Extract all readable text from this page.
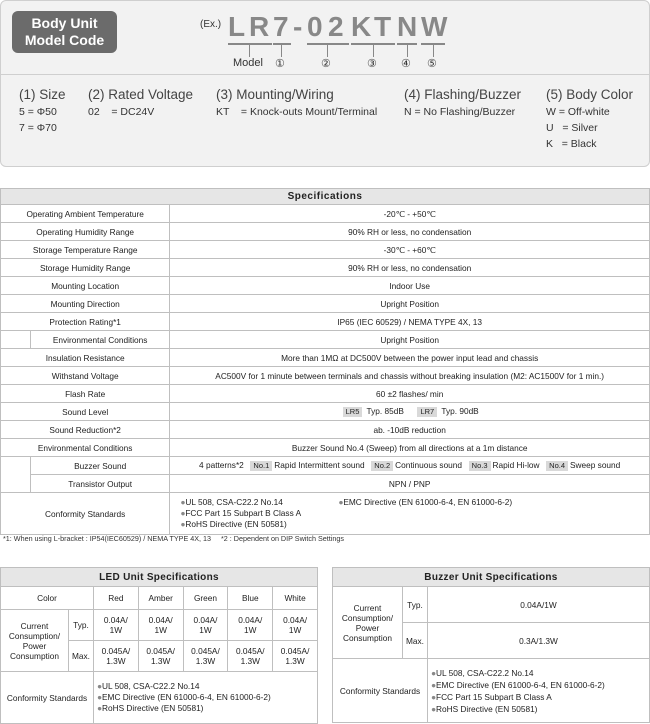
Body Unit
Model Code
(Ex.) L R 7 - 0 2 K T N W
Model ①	②	③ ④ ⑤
(1) Size
5 = Φ50
7 = Φ70
(2) Rated Voltage
02    = DC24V
(3) Mounting/Wiring
KT    = Knock-outs Mount/Terminal
(4) Flashing/Buzzer
N = No Flashing/Buzzer
(5) Body Color
W = Off-white
U   = Silver
K   = Black
Specifications		
Operating Ambient Temperature		-20℃ - +50℃
Operating Humidity Range		90% RH or less, no condensation
Storage Temperature Range		-30℃ - +60℃
Storage Humidity Range		90% RH or less, no condensation
Mounting Location		Indoor Use
Mounting Direction		Upright Position
Protection Rating*1		IP65 (IEC 60529) / NEMA TYPE 4X, 13
	Environmental Conditions	Upright Position
Insulation Resistance		More than 1MΩ at DC500V between the power input lead and chassis
Withstand Voltage		AC500V for 1 minute between terminals and chassis without breaking insulation (M2: AC1500V for 1 min.)
Flash Rate		60 ±2 flashes/ min
Sound Level		LR5 Typ. 85dB LR7 Typ. 90dB
Sound Reduction*2		ab. -10dB reduction
Environmental Conditions		Buzzer Sound No.4 (Sweep) from all directions at a 1m distance
	Buzzer Sound	4 patterns*2 No.1 Rapid Intermittent sound No.2 Continuous sound No.3 Rapid Hi-low No.4 Sweep sound
	Transistor Output	NPN / PNP
Conformity Standards		●UL 508, CSA-C22.2 No.14
●FCC Part 15 Subpart B Class A
●RoHS Directive (EN 50581)
●EMC Directive (EN 61000-6-4, EN 61000-6-2)
*1: When using L-bracket : IP54(IEC60529) / NEMA TYPE 4X, 13     *2 : Dependent on DIP Switch Settings
LED Unit Specifications						
Color		Red	Amber	Green	Blue	White
Current Consumption/ Power Consumption	Typ.	0.04A/ 1W	0.04A/ 1W	0.04A/ 1W	0.04A/ 1W	0.04A/ 1W
	Max.	0.045A/ 1.3W	0.045A/ 1.3W	0.045A/ 1.3W	0.045A/ 1.3W	0.045A/ 1.3W
Conformity Standards		●UL 508, CSA-C22.2 No.14
●EMC Directive (EN 61000-6-4, EN 61000-6-2)
●RoHS Directive (EN 50581)				
Buzzer Unit Specifications		
Current Consumption/ Power Consumption	Typ.	0.04A/1W
	Max.	0.3A/1.3W
Conformity Standards		●UL 508, CSA-C22.2 No.14
●EMC Directive (EN 61000-6-4, EN 61000-6-2)
●FCC Part 15 Subpart B Class A
●RoHS Directive (EN 50581)
